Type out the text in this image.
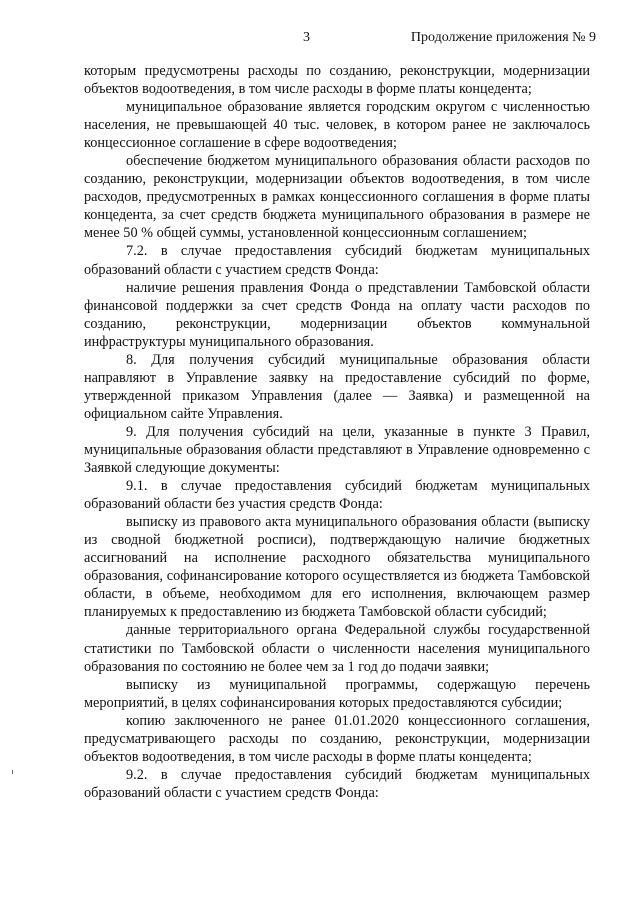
3	Продолжение приложения № 9

которым предусмотрены расходы по созданию, реконструкции, модернизации объектов водоотведения, в том числе расходы в форме платы концедента;

муниципальное образование является городским округом с численностью населения, не превышающей 40 тыс. человек, в котором ранее не заключалось концессионное соглашение в сфере водоотведения;

обеспечение бюджетом муниципального образования области расходов по созданию, реконструкции, модернизации объектов водоотведения, в том числе расходов, предусмотренных в рамках концессионного соглашения в форме платы концедента, за счет средств бюджета муниципального образования в размере не менее 50 % общей суммы, установленной концессионным соглашением;

7.2. в случае предоставления субсидий бюджетам муниципальных образований области с участием средств Фонда:

наличие решения правления Фонда о представлении Тамбовской области финансовой поддержки за счет средств Фонда на оплату части расходов по созданию, реконструкции, модернизации объектов коммунальной инфраструктуры муниципального образования.

8. Для получения субсидий муниципальные образования области направляют в Управление заявку на предоставление субсидий по форме, утвержденной приказом Управления (далее — Заявка) и размещенной на официальном сайте Управления.

9. Для получения субсидий на цели, указанные в пункте 3 Правил, муниципальные образования области представляют в Управление одновременно с Заявкой следующие документы:

9.1. в случае предоставления субсидий бюджетам муниципальных образований области без участия средств Фонда:

выписку из правового акта муниципального образования области (выписку из сводной бюджетной росписи), подтверждающую наличие бюджетных ассигнований на исполнение расходного обязательства муниципального образования, софинансирование которого осуществляется из бюджета Тамбовской области, в объеме, необходимом для его исполнения, включающем размер планируемых к предоставлению из бюджета Тамбовской области субсидий;

данные территориального органа Федеральной службы государственной статистики по Тамбовской области о численности населения муниципального образования по состоянию не более чем за 1 год до подачи заявки;

выписку из муниципальной программы, содержащую перечень мероприятий, в целях софинансирования которых предоставляются субсидии;

копию заключенного не ранее 01.01.2020 концессионного соглашения, предусматривающего расходы по созданию, реконструкции, модернизации объектов водоотведения, в том числе расходы в форме платы концедента;

9.2. в случае предоставления субсидий бюджетам муниципальных образований области с участием средств Фонда:
